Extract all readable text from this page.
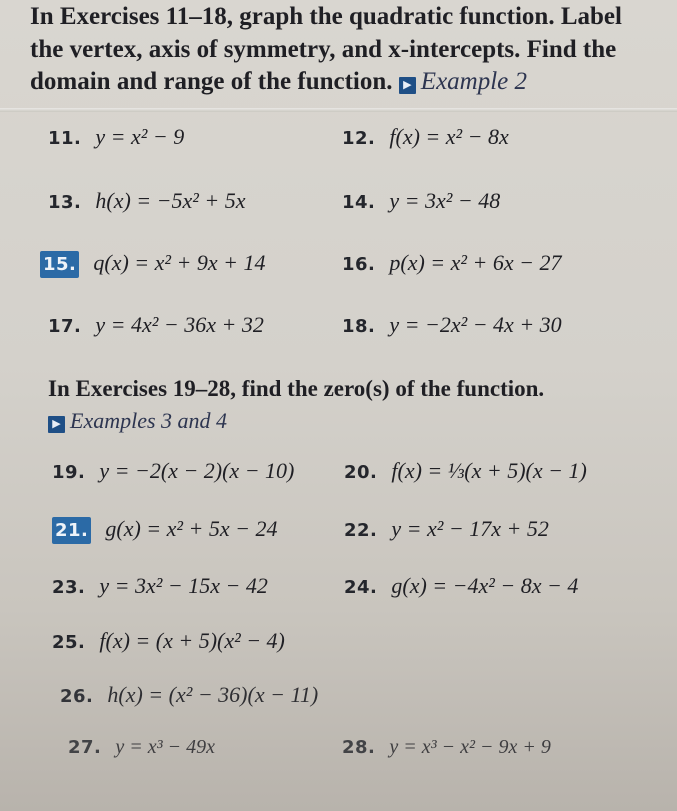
In Exercises 11–18, graph the quadratic function. Label
the vertex, axis of symmetry, and x-intercepts. Find the
domain and range of the function. ▶ Example 2
11. y = x² − 9	12. f(x) = x² − 8x
13. h(x) = −5x² + 5x	14. y = 3x² − 48
15. q(x) = x² + 9x + 14	16. p(x) = x² + 6x − 27
17. y = 4x² − 36x + 32	18. y = −2x² − 4x + 30
In Exercises 19–28, find the zero(s) of the function.
▶ Examples 3 and 4
19. y = −2(x − 2)(x − 10)	20. f(x) = ⅓(x + 5)(x − 1)
21. g(x) = x² + 5x − 24	22. y = x² − 17x + 52
23. y = 3x² − 15x − 42	24. g(x) = −4x² − 8x − 4
25. f(x) = (x + 5)(x² − 4)
26. h(x) = (x² − 36)(x − 11)
27. y = x³ − 49x	28. y = x³ − x² − 9x + 9
